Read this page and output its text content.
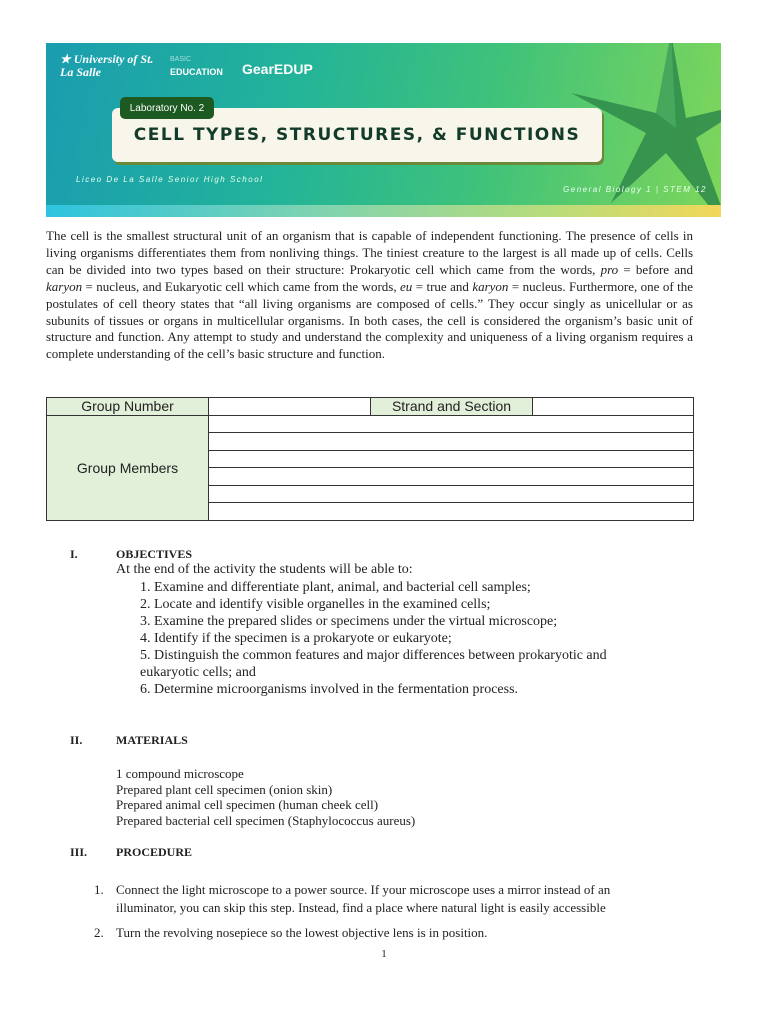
★ University of St. La Salle
BASIC
EDUCATION GearEDUP
CELL TYPES, STRUCTURES, & FUNCTIONS
Laboratory No. 2
Liceo De La Salle Senior High School
General Biology 1 | STEM 12
The cell is the smallest structural unit of an organism that is capable of independent functioning. The presence of cells in living organisms differentiates them from nonliving things. The tiniest creature to the largest is all made up of cells. Cells can be divided into two types based on their structure: Prokaryotic cell which came from the words, pro = before and karyon = nucleus, and Eukaryotic cell which came from the words, eu = true and karyon = nucleus. Furthermore, one of the postulates of cell theory states that “all living organisms are composed of cells.” They occur singly as unicellular or as subunits of tissues or organs in multicellular organisms. In both cases, the cell is considered the organism’s basic unit of structure and function. Any attempt to study and understand the complexity and uniqueness of a living organism requires a complete understanding of the cell’s basic structure and function.
Group Number		Strand and Section	
Group Members			

I.	OBJECTIVES
At the end of the activity the students will be able to:
1. Examine and differentiate plant, animal, and bacterial cell samples;
2. Locate and identify visible organelles in the examined cells;
3. Examine the prepared slides or specimens under the virtual microscope;
4. Identify if the specimen is a prokaryote or eukaryote;
5. Distinguish the common features and major differences between prokaryotic and
eukaryotic cells; and
6. Determine microorganisms involved in the fermentation process.
II.	MATERIALS
1 compound microscope
Prepared plant cell specimen (onion skin)
Prepared animal cell specimen (human cheek cell)
Prepared bacterial cell specimen (Staphylococcus aureus)
III. PROCEDURE
1. Connect the light microscope to a power source. If your microscope uses a mirror instead of an
illuminator, you can skip this step. Instead, find a place where natural light is easily accessible
2. Turn the revolving nosepiece so the lowest objective lens is in position.
1
